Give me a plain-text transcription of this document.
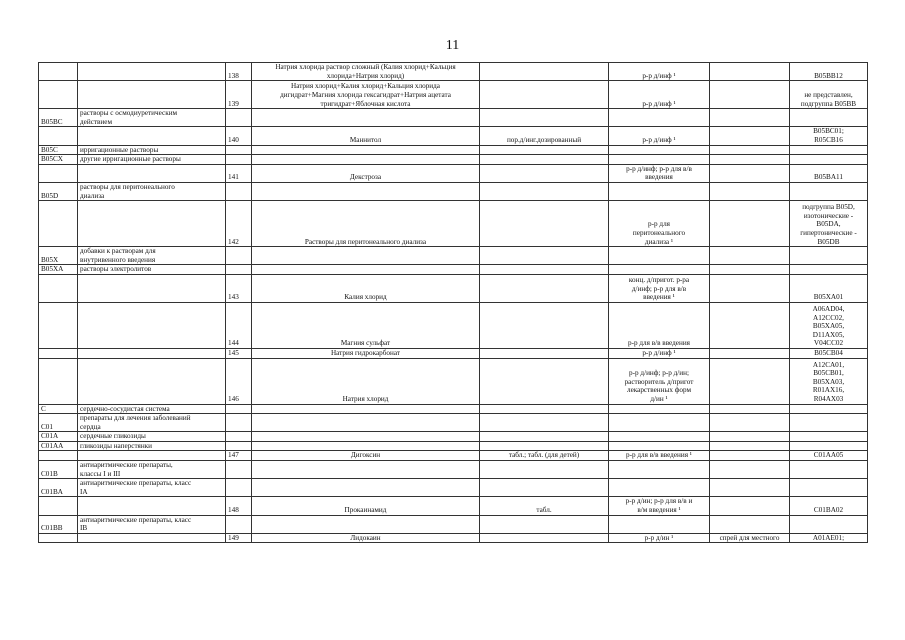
11
		138	Натрия хлорида раствор сложный (Калия хлорид+Кальция
хлорида+Натрия хлорид)		р-р д/инф ¹		B05BB12
		139	Натрия хлорид+Калия хлорид+Кальция хлорида
дигидрат+Магния хлорида гексагидрат+Натрия ацетата
тригидрат+Яблочная кислота		р-р д/инф ¹		не представлен,
подгруппа B05BB
B05BC	растворы с осмодиуретическим
действием						
		140	Маннитол	пор.д/инг.дозированный	р-р д/инф ¹		B05BC01;
R05CB16
B05C	ирригационные растворы						
B05CX	другие ирригационные растворы						
		141	Декстроза		р-р д/инф; р-р для в/в
введения		B05BA11
B05D	растворы для перитонеального
диализа						
		142	Растворы для перитонеального диализа		р-р для
перитонеального
диализа ¹		подгруппа B05D,
изотонические -
B05DA,
гипертонические -
B05DB
B05X	добавки к растворам для
внутривенного введения						
B05XA	растворы электролитов						
		143	Калия хлорид		конц. д/пригот. р-ра
д/инф; р-р для в/в
введения ¹		B05XA01
		144	Магния сульфат		р-р для в/в введения		A06AD04,
A12CC02,
B05XA05,
D11AX05,
V04CC02
		145	Натрия гидрокарбонат		р-р д/инф ¹		B05CB04
		146	Натрия хлорид		р-р д/инф; р-р д/ин;
растворитель д/пригот
лекарственных форм
д/ин ¹		A12CA01,
B05CB01,
B05XA03,
R01AX16,
R04AX03
C	сердечно-сосудистая система						
C01	препараты для лечения заболеваний
сердца						
C01A	сердечные гликозиды						
C01AA	гликозиды наперстянки						
		147	Дигоксин	табл.; табл. (для детей)	р-р для в/в введения ¹		C01AA05
C01B	антиаритмические препараты,
классы I и III						
C01BA	антиаритмические препараты, класс
IA						
		148	Прокаинамид	табл.	р-р д/ин; р-р для в/в и
в/м введения ¹		C01BA02
C01BB	антиаритмические препараты, класс
IB						
		149	Лидокаин		р-р д/ин ¹	спрей для местного	A01AE01;
